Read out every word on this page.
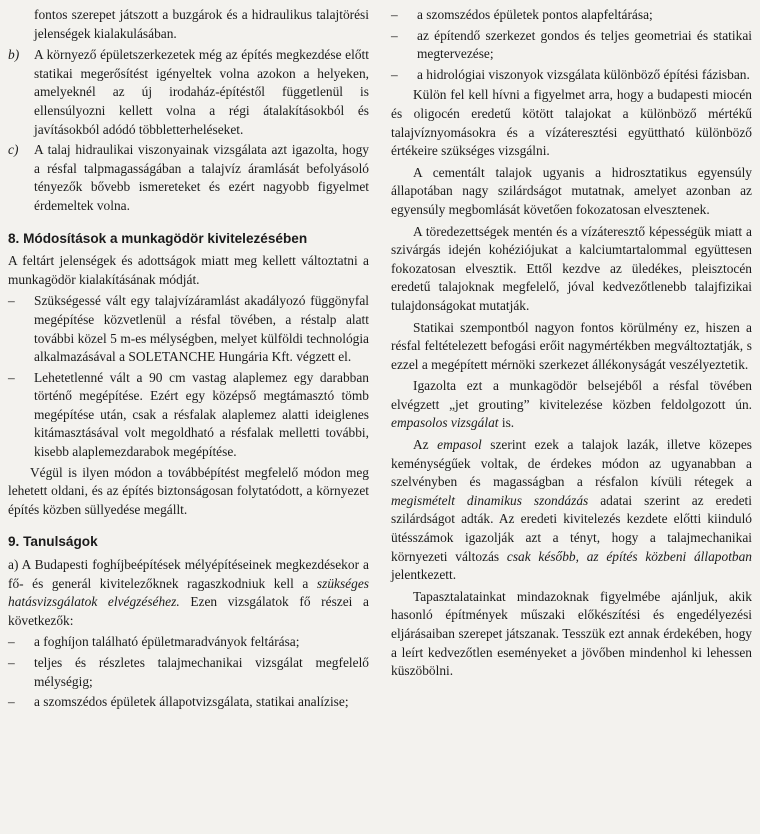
fontos szerepet játszott a buzgárok és a hidraulikus talajtörési jelenségek kialakulásában.

b) A környező épületszerkezetek még az építés megkezdése előtt statikai megerősítést igényeltek volna azokon a helyeken, amelyeknél az új irodaház-építéstől függetlenül is ellensúlyozni kellett volna a régi átalakításokból és javításokból adódó többletterheléseket.
c) A talaj hidraulikai viszonyainak vizsgálata azt igazolta, hogy a résfal talpmagasságában a talajvíz áramlását befolyásoló tényezők bővebb ismereteket és ezért nagyobb figyelmet érdemeltek volna.
8. Módosítások a munkagödör kivitelezésében

A feltárt jelenségek és adottságok miatt meg kellett változtatni a munkagödör kialakításának módját.

– Szükségessé vált egy talajvízáramlást akadályozó függönyfal megépítése közvetlenül a résfal tövében, a réstalp alatt további közel 5 m-es mélységben, melyet külföldi technológia alkalmazásával a SOLETANCHE Hungária Kft. végzett el.
– Lehetetlenné vált a 90 cm vastag alaplemez egy darabban történő megépítése. Ezért egy középső megtámasztó tömb megépítése után, csak a résfalak alaplemez alatti ideiglenes kitámasztásával volt megoldható a résfalak melletti további, kisebb alaplemezdarabok megépítése.

Végül is ilyen módon a továbbépítést megfelelő módon meg lehetett oldani, és az építés biztonságosan folytatódott, a környezet építés közben süllyedése megállt.

9. Tanulságok

a) A Budapesti foghíjbeépítések mélyépítéseinek megkezdésekor a fő- és generál kivitelezőknek ragaszkodniuk kell a szükséges hatásvizsgálatok elvégzéséhez. Ezen vizsgálatok fő részei a következők:

– a foghíjon található épületmaradványok feltárása;
– teljes és részletes talajmechanikai vizsgálat megfelelő mélységig;
– a szomszédos épületek állapotvizsgálata, statikai analízise;
– a szomszédos épületek pontos alapfeltárása;
– az építendő szerkezet gondos és teljes geometriai és statikai megtervezése;
– a hidrológiai viszonyok vizsgálata különböző építési fázisban.

Külön fel kell hívni a figyelmet arra, hogy a budapesti miocén és oligocén eredetű kötött talajokat a különböző mértékű talajvíznyomásokra és a vízáteresztési együttható különböző értékeire szükséges vizsgálni.

A cementált talajok ugyanis a hidrosztatikus egyensúly állapotában nagy szilárdságot mutatnak, amelyet azonban az egyensúly megbomlását követően fokozatosan elvesztenek.

A töredezettségek mentén és a vízáteresztő képességük miatt a szivárgás idején kohéziójukat a kalciumtartalommal együttesen fokozatosan elvesztik. Ettől kezdve az üledékes, pleisztocén eredetű talajoknak megfelelő, jóval kedvezőtlenebb talajfizikai tulajdonságokat mutatják.

Statikai szempontból nagyon fontos körülmény ez, hiszen a résfal feltételezett befogási erőit nagymértékben megváltoztatják, s ezzel a megépített mérnöki szerkezet állékonyságát veszélyeztetik.

Igazolta ezt a munkagödör belsejéből a résfal tövében elvégzett „jet grouting” kivitelezése közben feldolgozott ún. empasolos vizsgálat is.

Az empasol szerint ezek a talajok lazák, illetve közepes keménységűek voltak, de érdekes módon az ugyanabban a szelvényben és magasságban a résfalon kívüli rétegek a megismételt dinamikus szondázás adatai szerint az eredeti szilárdságot adták. Az eredeti kivitelezés kezdete előtti kiinduló ütésszámok igazolják azt a tényt, hogy a talajmechanikai környezeti változás csak később, az építés közbeni állapotban jelentkezett.

Tapasztalatainkat mindazoknak figyelmébe ajánljuk, akik hasonló építmények műszaki előkészítési és engedélyezési eljárásaiban szerepet játszanak. Tesszük ezt annak érdekében, hogy a leírt kedvezőtlen eseményeket a jövőben mindenhol ki lehessen küszöbölni.
